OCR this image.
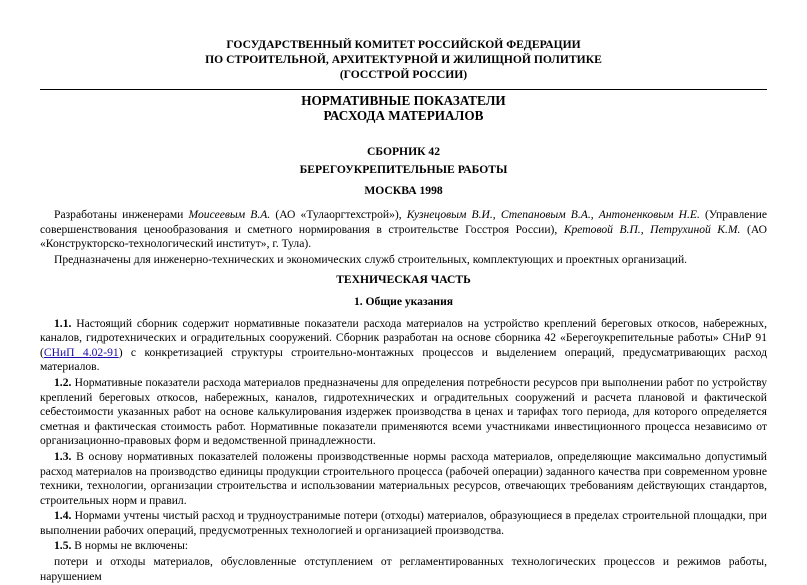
ГОСУДАРСТВЕННЫЙ КОМИТЕТ РОССИЙСКОЙ ФЕДЕРАЦИИ
ПО СТРОИТЕЛЬНОЙ, АРХИТЕКТУРНОЙ И ЖИЛИЩНОЙ ПОЛИТИКЕ
(ГОССТРОЙ РОССИИ)
НОРМАТИВНЫЕ ПОКАЗАТЕЛИ
РАСХОДА МАТЕРИАЛОВ
СБОРНИК 42
БЕРЕГОУКРЕПИТЕЛЬНЫЕ РАБОТЫ
МОСКВА 1998

Разработаны инженерами Моисеевым В.А. (АО «Тулаоргтехстрой»), Кузнецовым В.И., Степановым В.А., Антоненковым Н.Е. (Управление совершенствования ценообразования и сметного нормирования в строительстве Госстроя России), Кретовой В.П., Петрухиной К.М. (АО «Конструкторско-технологический институт», г. Тула).

Предназначены для инженерно-технических и экономических служб строительных, комплектующих и проектных организаций.

ТЕХНИЧЕСКАЯ ЧАСТЬ

1. Общие указания

1.1. Настоящий сборник содержит нормативные показатели расхода материалов на устройство креплений береговых откосов, набережных, каналов, гидротехнических и оградительных сооружений. Сборник разработан на основе сборника 42 «Берегоукрепительные работы» СНиР 91 (СНиП 4.02-91) с конкретизацией структуры строительно-монтажных процессов и выделением операций, предусматривающих расход материалов.

1.2. Нормативные показатели расхода материалов предназначены для определения потребности ресурсов при выполнении работ по устройству креплений береговых откосов, набережных, каналов, гидротехнических и оградительных сооружений и расчета плановой и фактической себестоимости указанных работ на основе калькулирования издержек производства в ценах и тарифах того периода, для которого определяется сметная и фактическая стоимость работ. Нормативные показатели применяются всеми участниками инвестиционного процесса независимо от организационно-правовых форм и ведомственной принадлежности.

1.3. В основу нормативных показателей положены производственные нормы расхода материалов, определяющие максимально допустимый расход материалов на производство единицы продукции строительного процесса (рабочей операции) заданного качества при современном уровне техники, технологии, организации строительства и использовании материальных ресурсов, отвечающих требованиям действующих стандартов, строительных норм и правил.

1.4. Нормами учтены чистый расход и трудноустранимые потери (отходы) материалов, образующиеся в пределах строительной площадки, при выполнении рабочих операций, предусмотренных технологией и организацией производства.

1.5. В нормы не включены:

потери и отходы материалов, обусловленные отступлением от регламентированных технологических процессов и режимов работы, нарушением
